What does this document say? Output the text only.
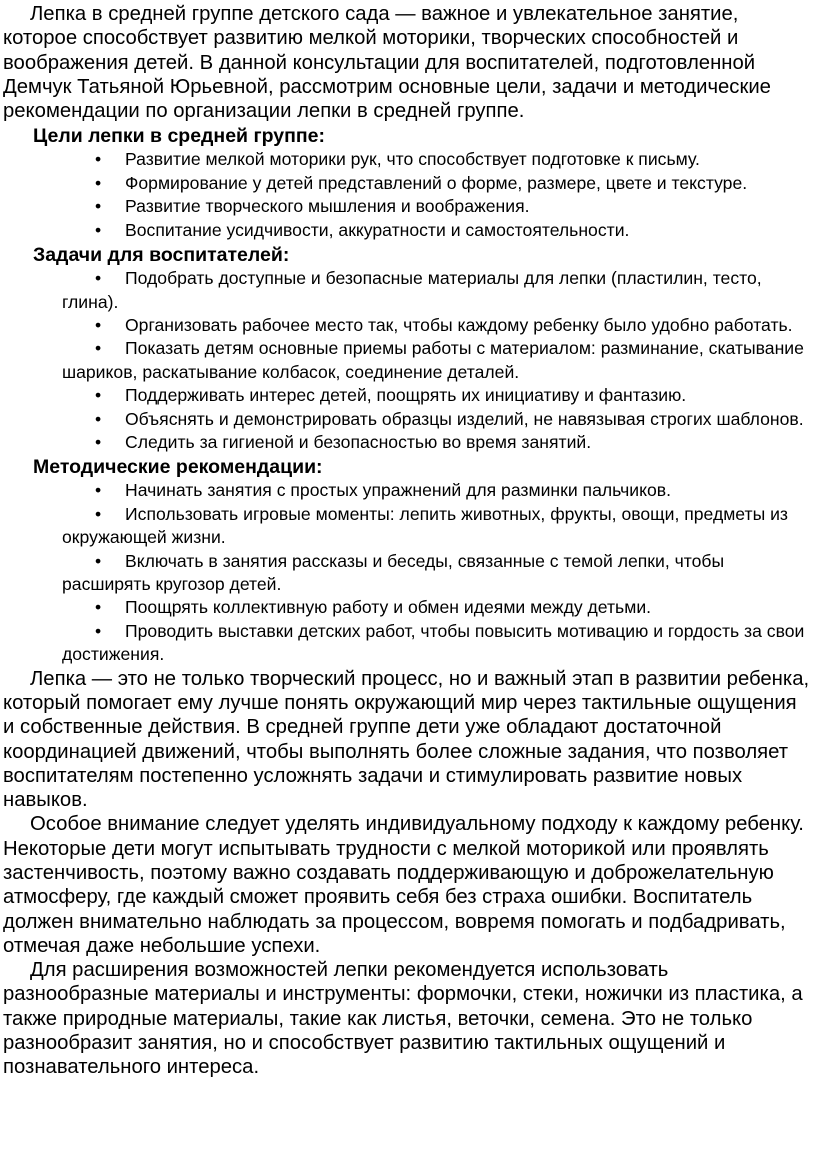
Лепка в средней группе детского сада — важное и увлекательное занятие, которое способствует развитию мелкой моторики, творческих способностей и воображения детей. В данной консультации для воспитателей, подготовленной Демчук Татьяной Юрьевной, рассмотрим основные цели, задачи и методические рекомендации по организации лепки в средней группе.

Цели лепки в средней группе:
• Развитие мелкой моторики рук, что способствует подготовке к письму.
• Формирование у детей представлений о форме, размере, цвете и текстуре.
• Развитие творческого мышления и воображения.
• Воспитание усидчивости, аккуратности и самостоятельности.
Задачи для воспитателей:
• Подобрать доступные и безопасные материалы для лепки (пластилин, тесто, глина).
• Организовать рабочее место так, чтобы каждому ребенку было удобно работать.
• Показать детям основные приемы работы с материалом: разминание, скатывание шариков, раскатывание колбасок, соединение деталей.
• Поддерживать интерес детей, поощрять их инициативу и фантазию.
• Объяснять и демонстрировать образцы изделий, не навязывая строгих шаблонов.
• Следить за гигиеной и безопасностью во время занятий.
Методические рекомендации:
• Начинать занятия с простых упражнений для разминки пальчиков.
• Использовать игровые моменты: лепить животных, фрукты, овощи, предметы из окружающей жизни.
• Включать в занятия рассказы и беседы, связанные с темой лепки, чтобы расширять кругозор детей.
• Поощрять коллективную работу и обмен идеями между детьми.
• Проводить выставки детских работ, чтобы повысить мотивацию и гордость за свои достижения.

Лепка — это не только творческий процесс, но и важный этап в развитии ребенка, который помогает ему лучше понять окружающий мир через тактильные ощущения и собственные действия. В средней группе дети уже обладают достаточной координацией движений, чтобы выполнять более сложные задания, что позволяет воспитателям постепенно усложнять задачи и стимулировать развитие новых навыков.

Особое внимание следует уделять индивидуальному подходу к каждому ребенку. Некоторые дети могут испытывать трудности с мелкой моторикой или проявлять застенчивость, поэтому важно создавать поддерживающую и доброжелательную атмосферу, где каждый сможет проявить себя без страха ошибки. Воспитатель должен внимательно наблюдать за процессом, вовремя помогать и подбадривать, отмечая даже небольшие успехи.

Для расширения возможностей лепки рекомендуется использовать разнообразные материалы и инструменты: формочки, стеки, ножички из пластика, а также природные материалы, такие как листья, веточки, семена. Это не только разнообразит занятия, но и способствует развитию тактильных ощущений и познавательного интереса.
